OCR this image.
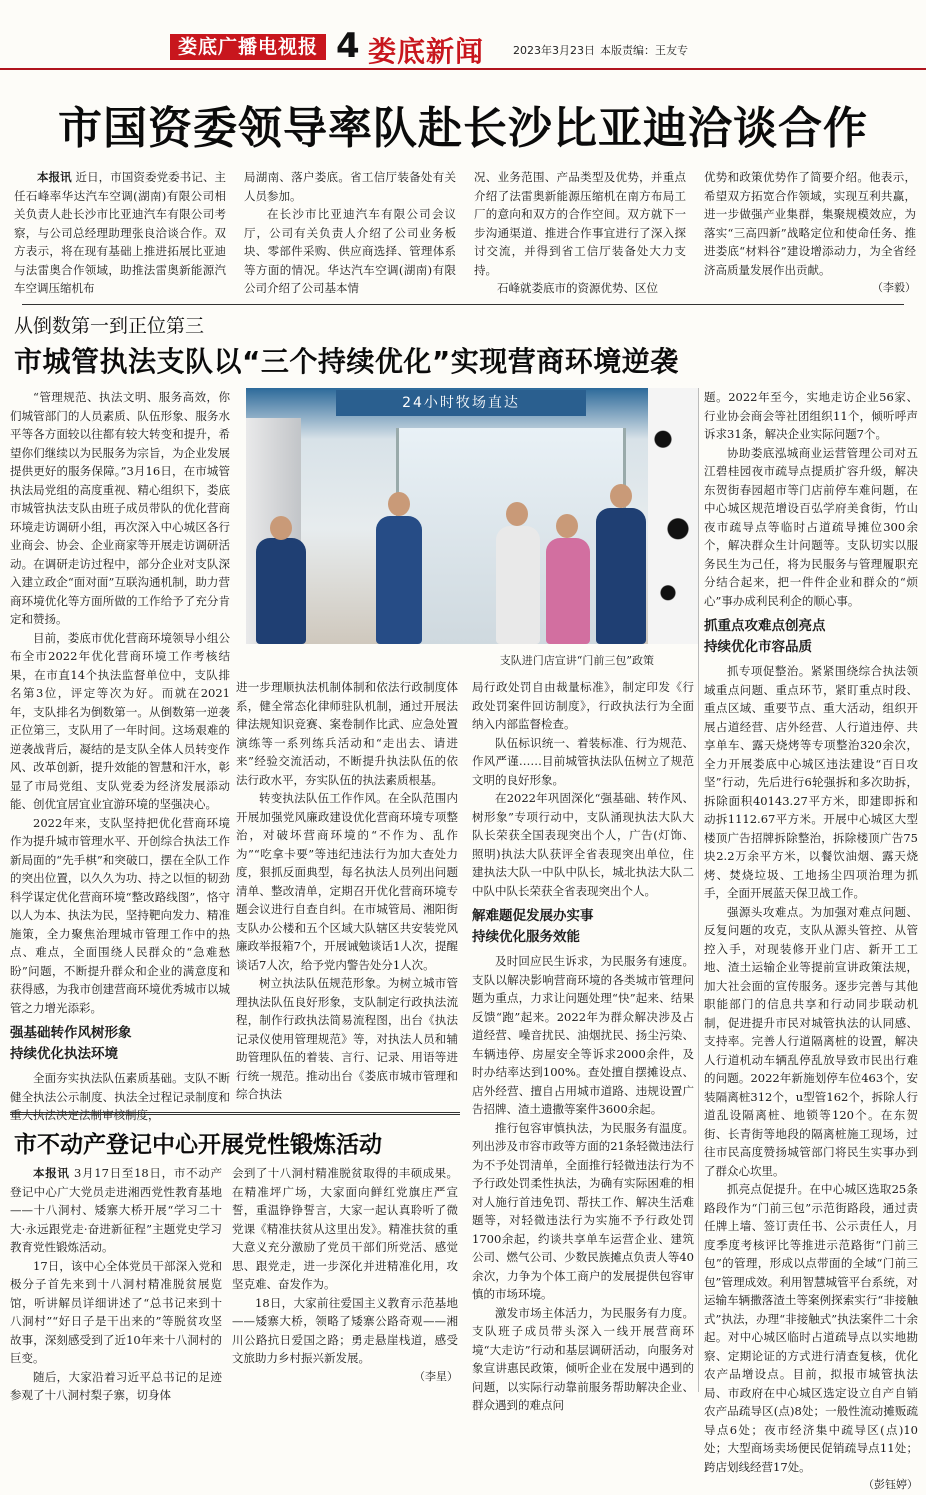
娄底广播电视报 4 娄底新闻	2023年3月23日 本版责编：王友专
市国资委领导率队赴长沙比亚迪洽谈合作

本报讯 近日，市国资委党委书记、主任石峰率华达汽车空调(湖南)有限公司相关负责人赴长沙市比亚迪汽车有限公司考察，与公司总经理助理张良洽谈合作。双方表示，将在现有基础上推进拓展比亚迪与法雷奥合作领域，助推法雷奥新能源汽车空调压缩机布

局湖南、落户娄底。省工信厅装备处有关人员参加。

在长沙市比亚迪汽车有限公司会议厅，公司有关负责人介绍了公司业务板块、零部件采购、供应商选择、管理体系等方面的情况。华达汽车空调(湖南)有限公司介绍了公司基本情

况、业务范围、产品类型及优势，并重点介绍了法雷奥新能源压缩机在南方布局工厂的意向和双方的合作空间。双方就下一步沟通渠道、推进合作事宜进行了深入探讨交流，并得到省工信厅装备处大力支持。

石峰就娄底市的资源优势、区位

优势和政策优势作了简要介绍。他表示，希望双方拓宽合作领域，实现互利共赢，进一步做强产业集群，集聚规模效应，为落实“三高四新”战略定位和使命任务、推进娄底“材料谷”建设增添动力，为全省经济高质量发展作出贡献。

（李毅）
从倒数第一到正位第三
市城管执法支队以“三个持续优化”实现营商环境逆袭

“管理规范、执法文明、服务高效，你们城管部门的人员素质、队伍形象、服务水平等各方面较以往都有较大转变和提升，希望你们继续以为民服务为宗旨，为企业发展提供更好的服务保障。”3月16日，在市城管执法局党组的高度重视、精心组织下，娄底市城管执法支队由班子成员带队的优化营商环境走访调研小组，再次深入中心城区各行业商会、协会、企业商家等开展走访调研活动。在调研走访过程中，部分企业对支队深入建立政企“面对面”互联沟通机制，助力营商环境优化等方面所做的工作给予了充分肯定和赞扬。

目前，娄底市优化营商环境领导小组公布全市2022年优化营商环境工作考核结果，在市直14个执法监督单位中，支队排名第3位，评定等次为好。而就在2021年，支队排名为倒数第一。从倒数第一逆袭正位第三，支队用了一年时间。这场艰难的逆袭战背后，凝结的是支队全体人员转变作风、改革创新，提升效能的智慧和汗水，彰显了市局党组、支队党委为经济发展添动能、创优宜居宜业宜游环境的坚强决心。

2022年来，支队坚持把优化营商环境作为提升城市管理水平、开创综合执法工作新局面的“先手棋”和突破口，摆在全队工作的突出位置，以久久为功、持之以恒的韧劲科学谋定优化营商环境“整改路线图”，恪守以人为本、执法为民，坚持靶向发力、精准施策，全力聚焦治理城市管理工作中的热点、难点，全面围绕人民群众的“急难愁盼”问题，不断提升群众和企业的满意度和获得感，为我市创建营商环境优秀城市以城管之力增光添彩。

强基础转作风树形象
持续优化执法环境

全面夯实执法队伍素质基础。支队不断健全执法公示制度、执法全过程记录制度和重大执法决定法制审核制度，

24小时牧场直达
支队进门店宣讲“门前三包”政策

进一步理顺执法机制体制和依法行政制度体系，健全常态化律师驻队机制，通过开展法律法规知识竞赛、案卷制作比武、应急处置演练等一系列练兵活动和“走出去、请进来”经验交流活动，不断提升执法队伍的依法行政水平，夯实队伍的执法素质根基。

转变执法队伍工作作风。在全队范围内开展加强党风廉政建设优化营商环境专项整治，对破坏营商环境的“不作为、乱作为”“吃拿卡要”等违纪违法行为加大查处力度，狠抓反面典型，每名执法人员列出问题清单、整改清单，定期召开优化营商环境专题会议进行自查自纠。在市城管局、湘阳街支队办公楼和五个区域大队辖区共安装党风廉政举报箱7个，开展诫勉谈话1人次，提醒谈话7人次，给予党内警告处分1人次。

树立执法队伍规范形象。为树立城市管理执法队伍良好形象，支队制定行政执法流程，制作行政执法简易流程图，出台《执法记录仪使用管理规范》等，对执法人员和辅助管理队伍的着装、言行、记录、用语等进行统一规范。推动出台《娄底市城市管理和综合执法

局行政处罚自由裁量标准》，制定印发《行政处罚案件回访制度》，行政执法行为全面纳入内部监督检查。

队伍标识统一、着装标准、行为规范、作风严谨……目前城管执法队伍树立了规范文明的良好形象。

在2022年巩固深化“强基础、转作风、树形象”专项行动中，支队涌现执法大队大队长荣获全国表现突出个人，广告(灯饰、照明)执法大队获评全省表现突出单位，住建执法大队一中队中队长，城北执法大队二中队中队长荣获全省表现突出个人。

解难题促发展办实事
持续优化服务效能

及时回应民生诉求，为民服务有速度。支队以解决影响营商环境的各类城市管理问题为重点，力求让问题处理“快”起来、结果反馈“跑”起来。2022年为群众解决涉及占道经营、噪音扰民、油烟扰民、扬尘污染、车辆违停、房屋安全等诉求2000余件，及时办结率达到100%。查处擅自摆摊设点、店外经营、擅自占用城市道路、违规设置广告招牌、渣土遗撒等案件3600余起。

推行包容审慎执法，为民服务有温度。列出涉及市容市政等方面的21条轻微违法行为不予处罚清单，全面推行轻微违法行为不予行政处罚柔性执法，为确有实际困难的相对人施行首违免罚、帮扶工作、解决生活难题等，对轻微违法行为实施不予行政处罚1700余起，约谈共享单车运营企业、建筑公司、燃气公司、少数民族摊点负责人等40余次，力争为个体工商户的发展提供包容审慎的市场环境。

激发市场主体活力，为民服务有力度。支队班子成员带头深入一线开展营商环境“大走访”行动和基层调研活动，向服务对象宣讲惠民政策，倾听企业在发展中遇到的问题，以实际行动靠前服务帮助解决企业、群众遇到的难点问

题。2022年至今，实地走访企业56家、行业协会商会等社团组织11个，倾听呼声诉求31条，解决企业实际问题7个。

协助娄底泓城商业运营管理公司对五江碧桂园夜市疏导点提质扩容升级，解决东贺街春园超市等门店前停车难问题，在中心城区规范增设百弘学府美食街，竹山夜市疏导点等临时占道疏导摊位300余个，解决群众生计问题等。支队切实以服务民生为己任，将为民服务与管理履职充分结合起来，把一件件企业和群众的“烦心”事办成利民利企的顺心事。

抓重点攻难点创亮点
持续优化市容品质

抓专项促整治。紧紧围绕综合执法领域重点问题、重点环节，紧盯重点时段、重点区域、重要节点、重大活动，组织开展占道经营、店外经营、人行道违停、共享单车、露天烧烤等专项整治320余次，全力开展娄底中心城区违法建设“百日攻坚”行动，先后进行6轮强拆和多次助拆，拆除面积40143.27平方米，即建即拆和动拆1112.67平方米。开展中心城区大型楼顶广告招牌拆除整治，拆除楼顶广告75块2.2万余平方米，以餐饮油烟、露天烧烤、焚烧垃圾、工地扬尘四项治理为抓手，全面开展蓝天保卫战工作。

强源头攻难点。为加强对难点问题、反复问题的攻克，支队从源头管控、从管控入手，对现装修开业门店、新开工工地、渣土运输企业等提前宣讲政策法规，加大社会面的宣传服务。逐步完善与其他职能部门的信息共享和行动同步联动机制，促进提升市民对城管执法的认同感、支持率。完善人行道隔离桩的设置，解决人行道机动车辆乱停乱放导致市民出行难的问题。2022年新施划停车位463个，安装隔离桩312个，u型管162个，拆除人行道乱设隔离桩、地锁等120个。在东贺街、长青街等地段的隔离桩施工现场，过往市民高度赞扬城管部门将民生实事办到了群众心坎里。

抓亮点促提升。在中心城区选取25条路段作为“门前三包”示范街路段，通过责任牌上墙、签订责任书、公示责任人，月度季度考核评比等推进示范路街“门前三包”的管理，形成以点带面的全域“门前三包”管理成效。利用智慧城管平台系统，对运输车辆撒落渣土等案例探索实行“非接触式”执法，办理“非接触式”执法案件二十余起。对中心城区临时占道疏导点以实地勘察、定期论证的方式进行清查复核，优化农产品增设点。目前，拟报市城管执法局、市政府在中心城区选定设立自产自销农产品疏导区(点)8处；一般性流动摊贩疏导点6处；夜市经济集中疏导区(点)10处；大型商场卖场便民促销疏导点11处；跨店划线经营17处。

（彭钰婷）
市不动产登记中心开展党性锻炼活动

本报讯 3月17日至18日，市不动产登记中心广大党员走进湘西党性教育基地——十八洞村、矮寨大桥开展“学习二十大·永远跟党走·奋进新征程”主题党史学习教育党性锻炼活动。

17日，该中心全体党员干部深入党和极分子首先来到十八洞村精准脱贫展览馆，听讲解员详细讲述了“总书记来到十八洞村”“好日子是干出来的”等脱贫攻坚故事，深刻感受到了近10年来十八洞村的巨变。

随后，大家沿着习近平总书记的足迹参观了十八洞村梨子寨，切身体

会到了十八洞村精准脱贫取得的丰硕成果。在精准坪广场，大家面向鲜红党旗庄严宣誓，重温铮铮誓言，大家一起认真聆听了微党课《精准扶贫从这里出发》。精准扶贫的重大意义充分激励了党员干部们所党活、感觉思、跟党走，进一步深化并进精准化用，攻坚克难、奋发作为。

18日，大家前往爱国主义教育示范基地——矮寨大桥，领略了矮寨公路奇观——湘川公路抗日爱国之路；勇走悬崖栈道，感受文旅助力乡村振兴新发展。

（李星）
